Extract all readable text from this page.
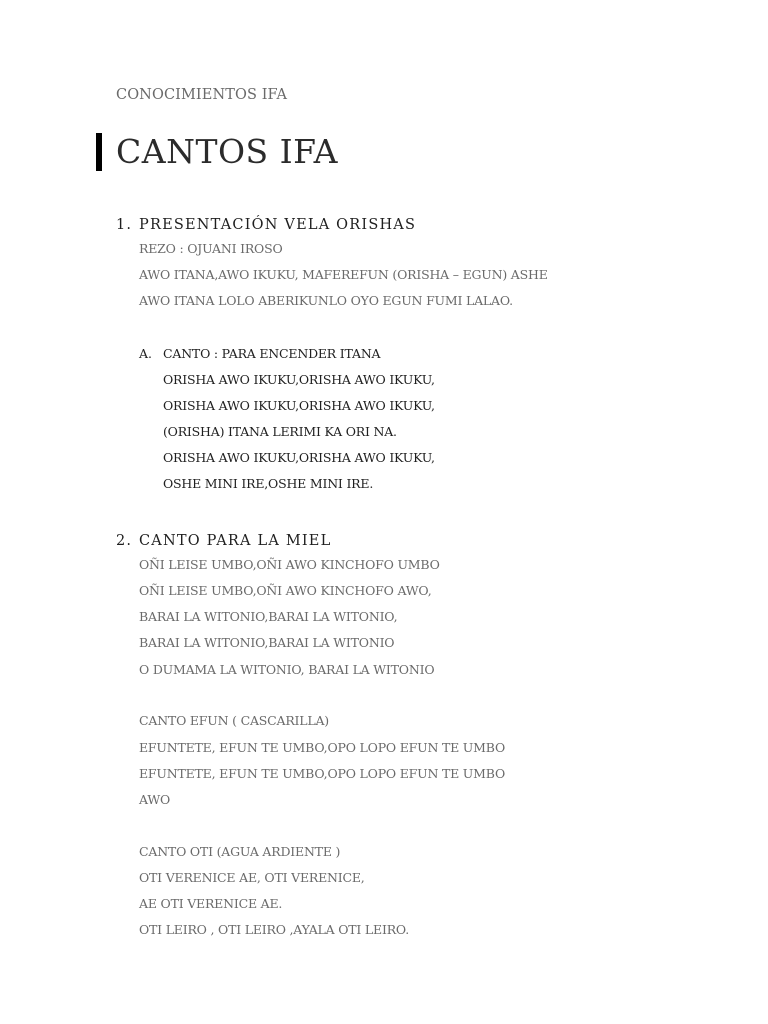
CONOCIMIENTOS IFA
CANTOS IFA
1. PRESENTACIÓN VELA ORISHAS
REZO : OJUANI IROSO
AWO ITANA,AWO IKUKU, MAFEREFUN (ORISHA – EGUN) ASHE
AWO ITANA LOLO ABERIKUNLO OYO EGUN FUMI LALAO.
A. CANTO : PARA ENCENDER ITANA
ORISHA AWO IKUKU,ORISHA AWO IKUKU,
ORISHA AWO IKUKU,ORISHA AWO IKUKU,
(ORISHA) ITANA LERIMI KA ORI NA.
ORISHA AWO IKUKU,ORISHA AWO IKUKU,
OSHE MINI IRE,OSHE MINI IRE.
2. CANTO PARA LA MIEL
OÑI LEISE UMBO,OÑI AWO KINCHOFO UMBO
OÑI LEISE UMBO,OÑI AWO KINCHOFO AWO,
BARAI LA WITONIO,BARAI LA WITONIO,
BARAI LA WITONIO,BARAI LA WITONIO
O DUMAMA LA WITONIO, BARAI LA WITONIO
CANTO EFUN ( CASCARILLA)
EFUNTETE, EFUN TE UMBO,OPO LOPO EFUN TE UMBO
EFUNTETE, EFUN TE UMBO,OPO LOPO EFUN TE UMBO
AWO
CANTO OTI (AGUA ARDIENTE )
OTI VERENICE AE, OTI VERENICE,
AE OTI VERENICE AE.
OTI LEIRO , OTI LEIRO ,AYALA OTI LEIRO.
